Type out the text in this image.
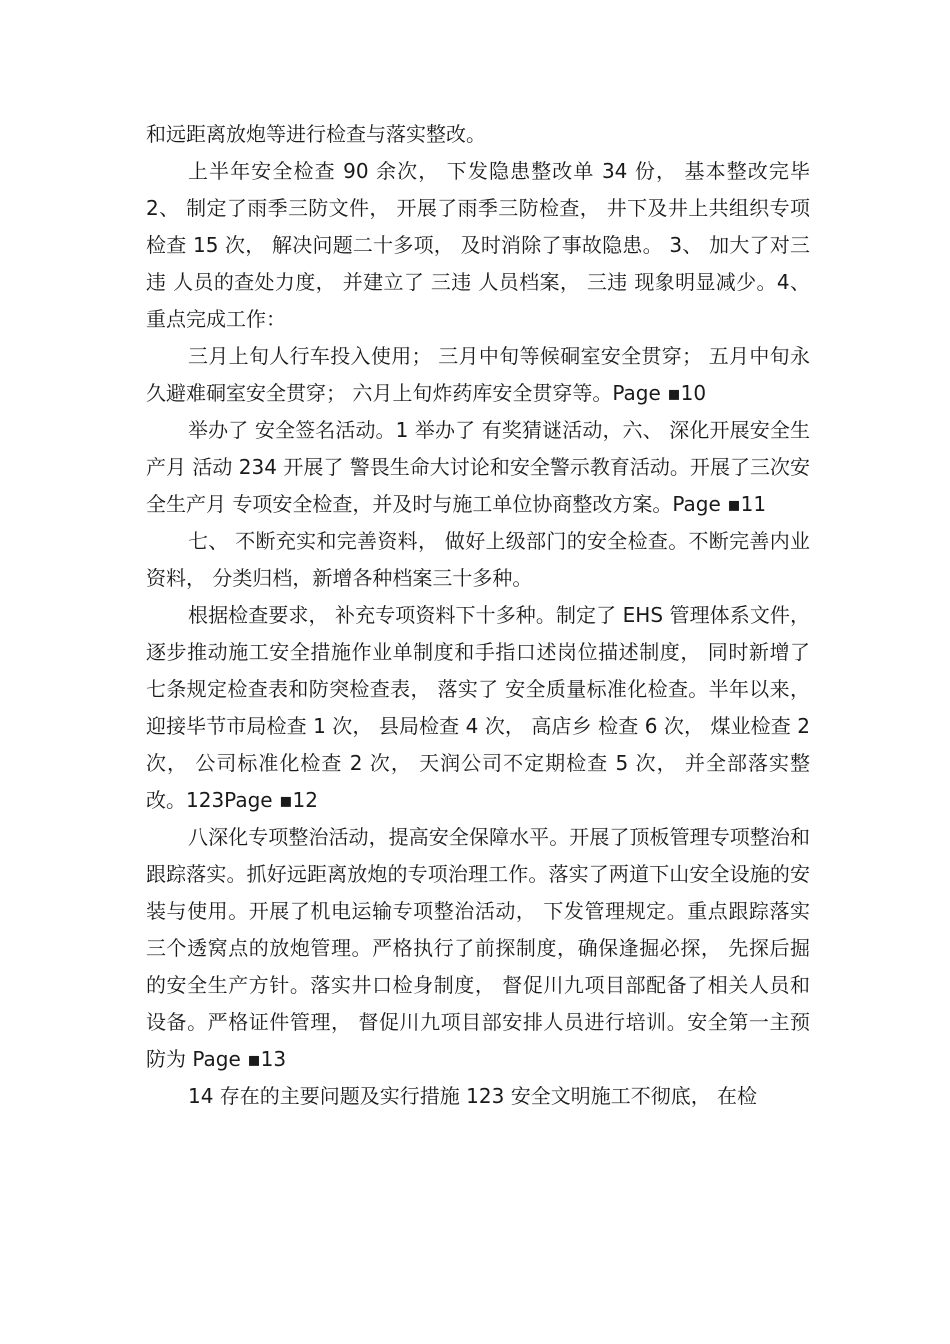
和远距离放炮等进行检查与落实整改。

上半年安全检查 90 余次， 下发隐患整改单 34 份， 基本整改完毕 2、 制定了雨季三防文件， 开展了雨季三防检查， 井下及井上共组织专项检查 15 次， 解决问题二十多项， 及时消除了事故隐患。 3、 加大了对三违 人员的查处力度， 并建立了 三违 人员档案， 三违 现象明显减少。4、 重点完成工作：

三月上旬人行车投入使用； 三月中旬等候硐室安全贯穿； 五月中旬永久避难硐室安全贯穿； 六月上旬炸药库安全贯穿等。Page ▪10

举办了 安全签名活动。1 举办了 有奖猜谜活动，六、 深化开展安全生产月 活动 234 开展了 警畏生命大讨论和安全警示教育活动。开展了三次安全生产月 专项安全检查，并及时与施工单位协商整改方案。Page ▪11

七、 不断充实和完善资料， 做好上级部门的安全检查。不断完善内业资料， 分类归档，新增各种档案三十多种。

根据检查要求， 补充专项资料下十多种。制定了 EHS 管理体系文件， 逐步推动施工安全措施作业单制度和手指口述岗位描述制度， 同时新增了七条规定检查表和防突检查表， 落实了 安全质量标准化检查。半年以来， 迎接毕节市局检查 1 次， 县局检查 4 次， 高店乡 检查 6 次， 煤业检查 2 次， 公司标准化检查 2 次， 天润公司不定期检查 5 次， 并全部落实整改。123Page ▪12

八深化专项整治活动，提高安全保障水平。开展了顶板管理专项整治和跟踪落实。抓好远距离放炮的专项治理工作。落实了两道下山安全设施的安装与使用。开展了机电运输专项整治活动， 下发管理规定。重点跟踪落实三个透窝点的放炮管理。严格执行了前探制度，确保逢掘必探， 先探后掘的安全生产方针。落实井口检身制度， 督促川九项目部配备了相关人员和设备。严格证件管理， 督促川九项目部安排人员进行培训。安全第一主预防为 Page ▪13

14 存在的主要问题及实行措施 123 安全文明施工不彻底， 在检
